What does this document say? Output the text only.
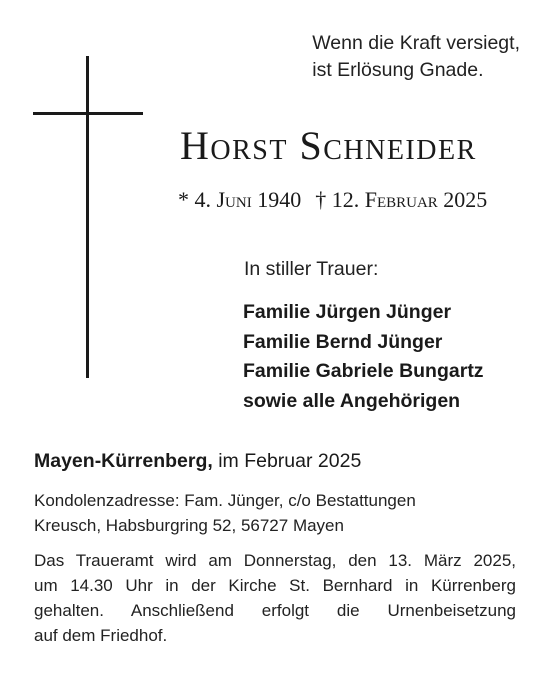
Wenn die Kraft versiegt,
ist Erlösung Gnade.
Horst Schneider
* 4. Juni 1940 † 12. Februar 2025
In stiller Trauer:
Familie Jürgen Jünger
Familie Bernd Jünger
Familie Gabriele Bungartz
sowie alle Angehörigen
Mayen-Kürrenberg, im Februar 2025
Kondolenzadresse: Fam. Jünger, c/o Bestattungen
Kreusch, Habsburgring 52, 56727 Mayen
Das Traueramt wird am Donnerstag, den 13. März 2025,
um 14.30 Uhr in der Kirche St. Bernhard in Kürrenberg
gehalten. Anschließend erfolgt die Urnenbeisetzung
auf dem Friedhof.
